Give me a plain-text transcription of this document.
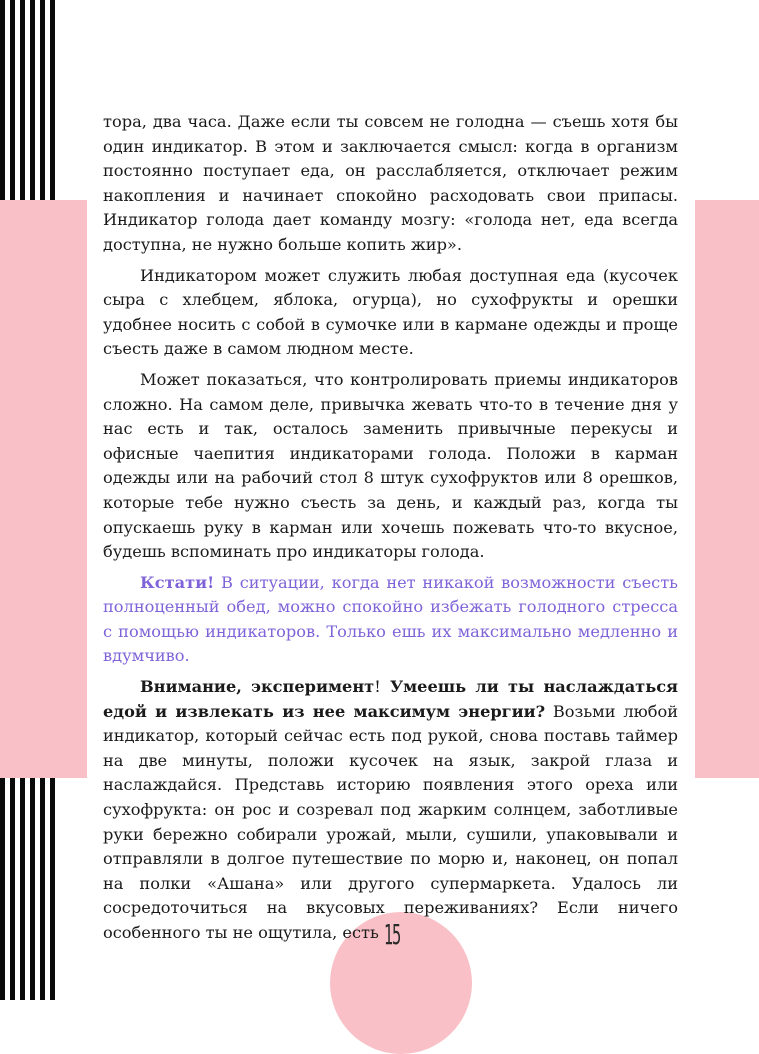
тора, два часа. Даже если ты совсем не голодна — съешь хотя бы один индикатор. В этом и заключается смысл: когда в организм постоянно поступает еда, он расслабляется, отключает режим накопления и начинает спокойно расходовать свои припасы. Индикатор голода дает команду мозгу: «голода нет, еда всегда доступна, не нужно больше копить жир».

Индикатором может служить любая доступная еда (кусочек сыра с хлебцем, яблока, огурца), но сухофрукты и орешки удобнее носить с собой в сумочке или в кармане одежды и проще съесть даже в самом людном месте.

Может показаться, что контролировать приемы индикаторов сложно. На самом деле, привычка жевать что-то в течение дня у нас есть и так, осталось заменить привычные перекусы и офисные чаепития индикаторами голода. Положи в карман одежды или на рабочий стол 8 штук сухофруктов или 8 орешков, которые тебе нужно съесть за день, и каждый раз, когда ты опускаешь руку в карман или хочешь пожевать что-то вкусное, будешь вспоминать про индикаторы голода.

Кстати! В ситуации, когда нет никакой возможности съесть полноценный обед, можно спокойно избежать голодного стресса с помощью индикаторов. Только ешь их максимально медленно и вдумчиво.

Внимание, эксперимент! Умеешь ли ты наслаждаться едой и извлекать из нее максимум энергии? Возьми любой индикатор, который сейчас есть под рукой, снова поставь таймер на две минуты, положи кусочек на язык, закрой глаза и наслаждайся. Представь историю появления этого ореха или сухофрукта: он рос и созревал под жарким солнцем, заботливые руки бережно собирали урожай, мыли, сушили, упаковывали и отправляли в долгое путешествие по морю и, наконец, он попал на полки «Ашана» или другого супермаркета. Удалось ли сосредоточиться на вкусовых переживаниях? Если ничего особенного ты не ощутила, есть 15
